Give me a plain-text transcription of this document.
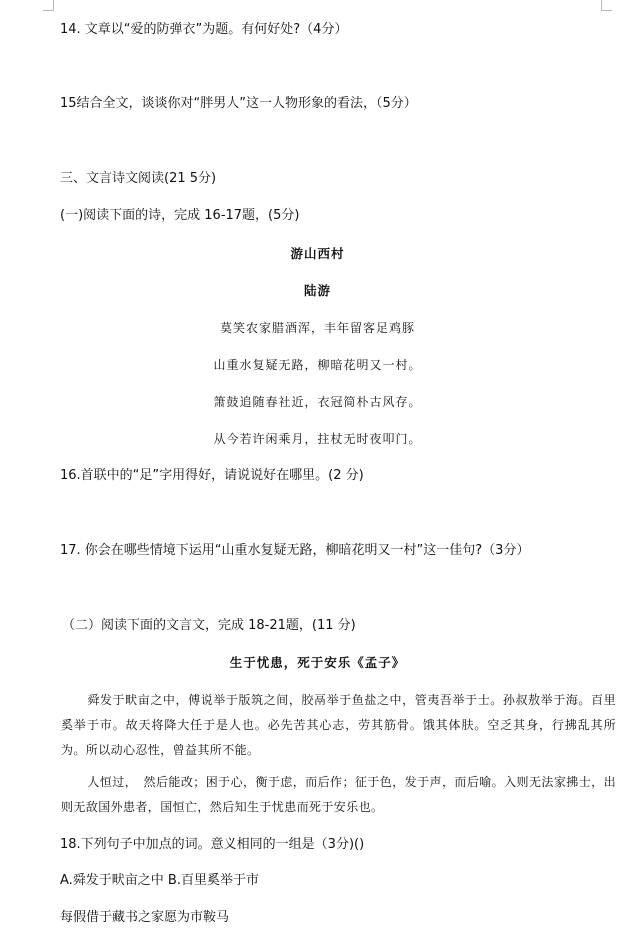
14. 文章以“爱的防弹衣”为题。有何好处?（4分）
15结合全文，谈谈你对“胖男人”这一人物形象的看法，（5分）
三、文言诗文阅读(21 5分)
(一)阅读下面的诗，完成 16-17题，(5分)
游山西村
陆游
莫笑农家腊酒浑，丰年留客足鸡豚
山重水复疑无路，柳暗花明又一村。
箫鼓追随春社近，衣冠简朴古风存。
从今若许闲乘月，拄杖无时夜叩门。
16.首联中的“足”字用得好，请说说好在哪里。(2 分)
17. 你会在哪些情境下运用“山重水复疑无路，柳暗花明又一村”这一佳句?（3分）
（二）阅读下面的文言文，完成 18-21题，(11 分)
生于忧患，死于安乐《孟子》
舜发于畎亩之中，傅说举于版筑之间，胶鬲举于鱼盐之中，管夷吾举于士。孙叔敖举于海。百里奚举于市。故天将降大任于是人也。必先苦其心志，劳其筋骨。饿其体肤。空乏其身，行拂乱其所为。所以动心忍性，曾益其所不能。
人恒过，　然后能改；困于心，衡于虑，而后作；征于色，发于声，而后喻。入则无法家拂士，出则无敌国外患者，国恒亡，然后知生于忧患而死于安乐也。
18.下列句子中加点的词。意义相同的一组是（3分)()
A.舜发于畎亩之中 B.百里奚举于市
每假借于藏书之家愿为市鞍马
